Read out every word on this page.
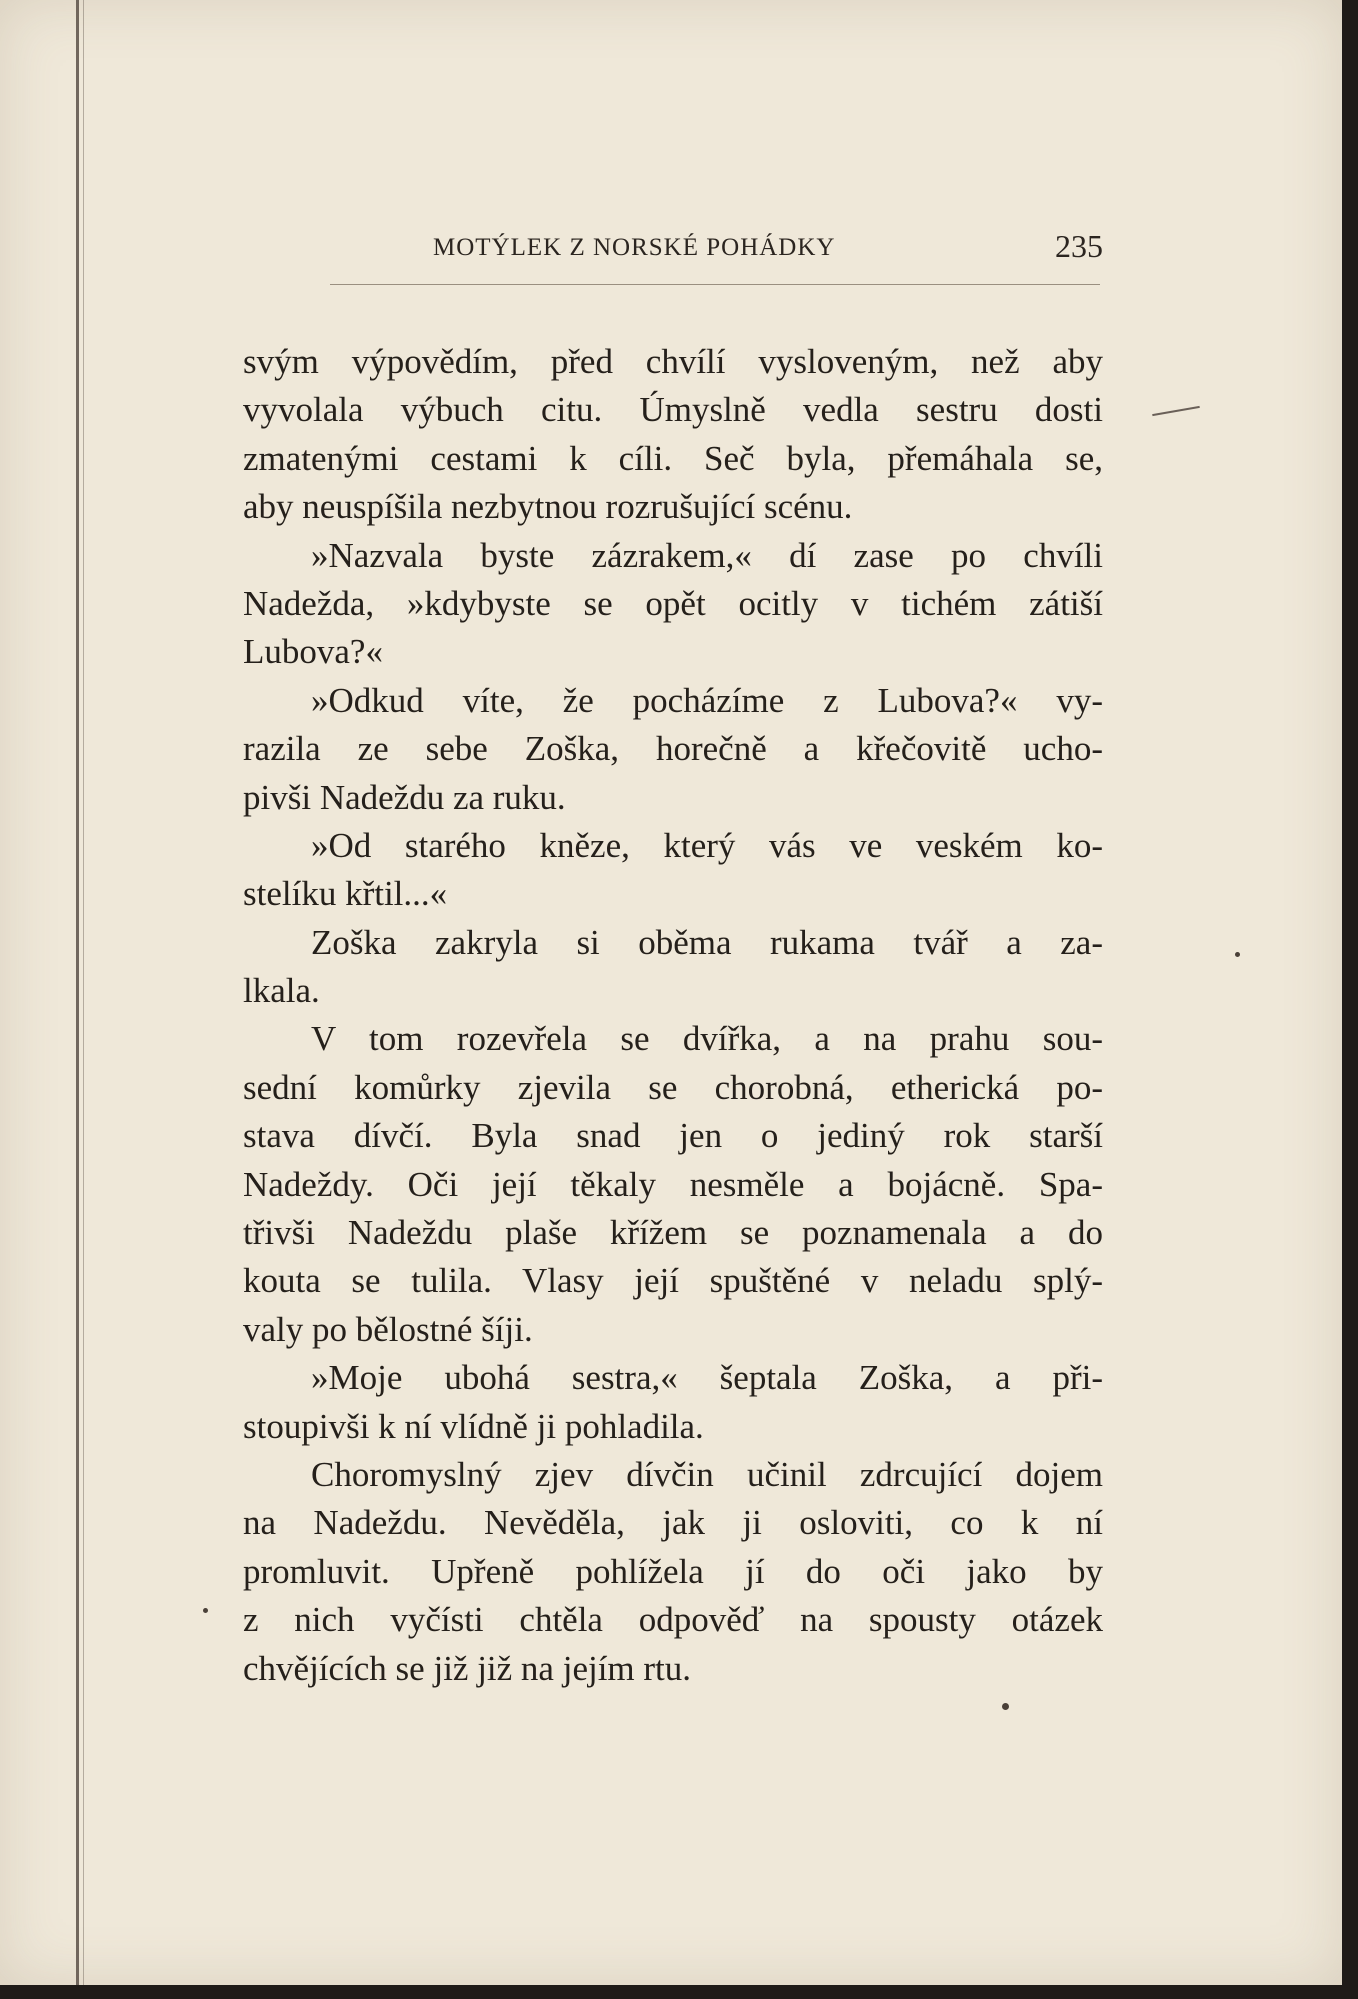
MOTÝLEK Z NORSKÉ POHÁDKY	235
svým výpovědím, před chvílí vysloveným, než aby
vyvolala výbuch citu. Úmyslně vedla sestru dosti
zmatenými cestami k cíli. Seč byla, přemáhala se,
aby neuspíšila nezbytnou rozrušující scénu.
»Nazvala byste zázrakem,« dí zase po chvíli
Nadežda, »kdybyste se opět ocitly v tichém zátiší
Lubova?«
»Odkud víte, že pocházíme z Lubova?« vy-
razila ze sebe Zoška, horečně a křečovitě ucho-
pivši Nadeždu za ruku.
»Od starého kněze, který vás ve veském ko-
stelíku křtil...«
Zoška zakryla si oběma rukama tvář a za-
lkala.
V tom rozevřela se dvířka, a na prahu sou-
sední komůrky zjevila se chorobná, etherická po-
stava dívčí. Byla snad jen o jediný rok starší
Nadeždy. Oči její těkaly nesměle a bojácně. Spa-
třivši Nadeždu plaše křížem se poznamenala a do
kouta se tulila. Vlasy její spuštěné v neladu splý-
valy po bělostné šíji.
»Moje ubohá sestra,« šeptala Zoška, a při-
stoupivši k ní vlídně ji pohladila.
Choromyslný zjev dívčin učinil zdrcující dojem
na Nadeždu. Nevěděla, jak ji osloviti, co k ní
promluvit. Upřeně pohlížela jí do oči jako by
z nich vyčísti chtěla odpověď na spousty otázek
chvějících se již již na jejím rtu.
